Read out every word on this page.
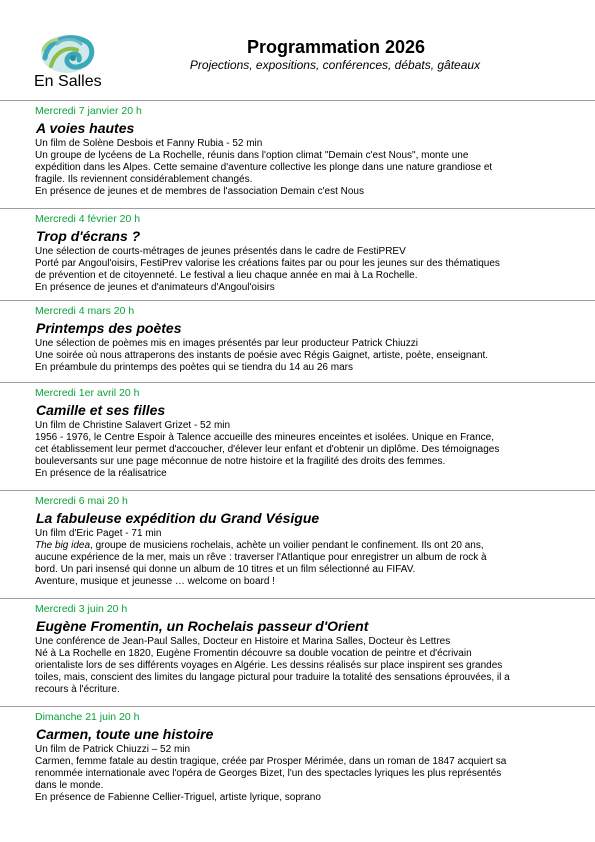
En Salles
Programmation 2026
Projections, expositions, conférences, débats, gâteaux
Mercredi 7 janvier 20 h
A voies hautes
Un film de Solène Desbois et Fanny Rubia - 52 min
Un groupe de lycéens de La Rochelle, réunis dans l'option climat "Demain c'est Nous", monte une
expédition dans les Alpes. Cette semaine d'aventure collective les plonge dans une nature grandiose et
fragile. Ils reviennent considérablement changés.
En présence de jeunes et de membres de l'association Demain c'est Nous
Mercredi 4 février 20 h
Trop d'écrans ?
Une sélection de courts-métrages de jeunes présentés dans le cadre de FestiPREV
Porté par Angoul'oisirs, FestiPrev valorise les créations faites par ou pour les jeunes sur des thématiques
de prévention et de citoyenneté. Le festival a lieu chaque année en mai à La Rochelle.
En présence de jeunes et d'animateurs d'Angoul'oisirs
Mercredi 4 mars 20 h
Printemps des poètes
Une sélection de poèmes mis en images présentés par leur producteur Patrick Chiuzzi
Une soirée où nous attraperons des instants de poésie avec Régis Gaignet, artiste, poète, enseignant.
En préambule du printemps des poètes qui se tiendra du 14 au 26 mars
Mercredi 1er avril 20 h
Camille et ses filles
Un film de Christine Salavert Grizet - 52 min
1956 - 1976, le Centre Espoir à Talence accueille des mineures enceintes et isolées. Unique en France,
cet établissement leur permet d'accoucher, d'élever leur enfant et d'obtenir un diplôme. Des témoignages
bouleversants sur une page méconnue de notre histoire et la fragilité des droits des femmes.
En présence de la réalisatrice
Mercredi 6 mai 20 h
La fabuleuse expédition du Grand Vésigue
Un film d'Eric Paget - 71 min
The big idea, groupe de musiciens rochelais, achète un voilier pendant le confinement. Ils ont 20 ans,
aucune expérience de la mer, mais un rêve : traverser l'Atlantique pour enregistrer un album de rock à
bord. Un pari insensé qui donne un album de 10 titres et un film sélectionné au FIFAV.
Aventure, musique et jeunesse … welcome on board !
Mercredi 3 juin 20 h
Eugène Fromentin, un Rochelais passeur d'Orient
Une conférence de Jean-Paul Salles, Docteur en Histoire et Marina Salles, Docteur ès Lettres
Né à La Rochelle en 1820, Eugène Fromentin découvre sa double vocation de peintre et d'écrivain
orientaliste lors de ses différents voyages en Algérie. Les dessins réalisés sur place inspirent ses grandes
toiles, mais, conscient des limites du langage pictural pour traduire la totalité des sensations éprouvées, il a
recours à l'écriture.
Dimanche 21 juin 20 h
Carmen, toute une histoire
Un film de Patrick Chiuzzi – 52 min
Carmen, femme fatale au destin tragique, créée par Prosper Mérimée, dans un roman de 1847 acquiert sa
renommée internationale avec l'opéra de Georges Bizet, l'un des spectacles lyriques les plus représentés
dans le monde.
En présence de Fabienne Cellier-Triguel, artiste lyrique, soprano
